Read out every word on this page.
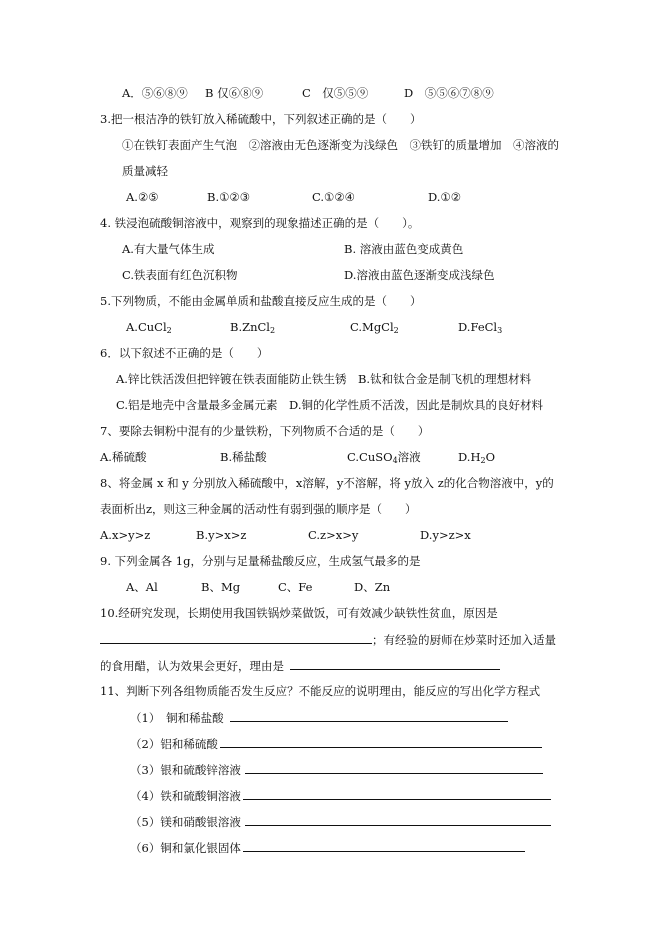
A．⑤⑥⑧⑨ B 仅⑥⑧⑨	C　仅⑤⑤⑨	D　⑤⑤⑥⑦⑧⑨
3.把一根洁净的铁钉放入稀硫酸中，下列叙述正确的是（　　）
①在铁钉表面产生气泡　②溶液由无色逐渐变为浅绿色　③铁钉的质量增加　④溶液的
质量减轻
A.②⑤	B.①②③	C.①②④	D.①②
4. 铁浸泡硫酸铜溶液中，观察到的现象描述正确的是（　　）。
A.有大量气体生成	B. 溶液由蓝色变成黄色
C.铁表面有红色沉积物	D.溶液由蓝色逐渐变成浅绿色
5.下列物质，不能由金属单质和盐酸直接反应生成的是（　　）
A.CuCl$_2$	B.ZnCl$_2$	C.MgCl$_2$	D.FeCl$_3$
6．以下叙述不正确的是（　　）
A.锌比铁活泼但把锌镀在铁表面能防止铁生锈　B.钛和钛合金是制飞机的理想材料
C.铝是地壳中含量最多金属元素　D.铜的化学性质不活泼，因此是制炊具的良好材料
7、要除去铜粉中混有的少量铁粉，下列物质不合适的是（　　）
A.稀硫酸	B.稀盐酸	C.CuSO$_4$溶液	$D.H_2O$
8、将金属 x 和 y 分别放入稀硫酸中，x溶解，y不溶解，将 y放入 z的化合物溶液中，y的
表面析出z，则这三种金属的活动性有弱到强的顺序是（　　）
A.x>y>z	B.y>x>z	C.z>x>y	D.y>z>x
9. 下列金属各 1g，分别与足量稀盐酸反应，生成氢气最多的是
A、Al	B、Mg	C、Fe	D、Zn
10.经研究发现，长期使用我国铁锅炒菜做饭，可有效减少缺铁性贫血，原因是
；有经验的厨师在炒菜时还加入适量
的食用醋，认为效果会更好，理由是
11、判断下列各组物质能否发生反应？不能反应的说明理由，能反应的写出化学方程式
（1）　铜和稀盐酸
（2）铝和稀硫酸
（3）银和硫酸锌溶液
（4）铁和硫酸铜溶液
（5）镁和硝酸银溶液
（6）铜和氯化银固体
